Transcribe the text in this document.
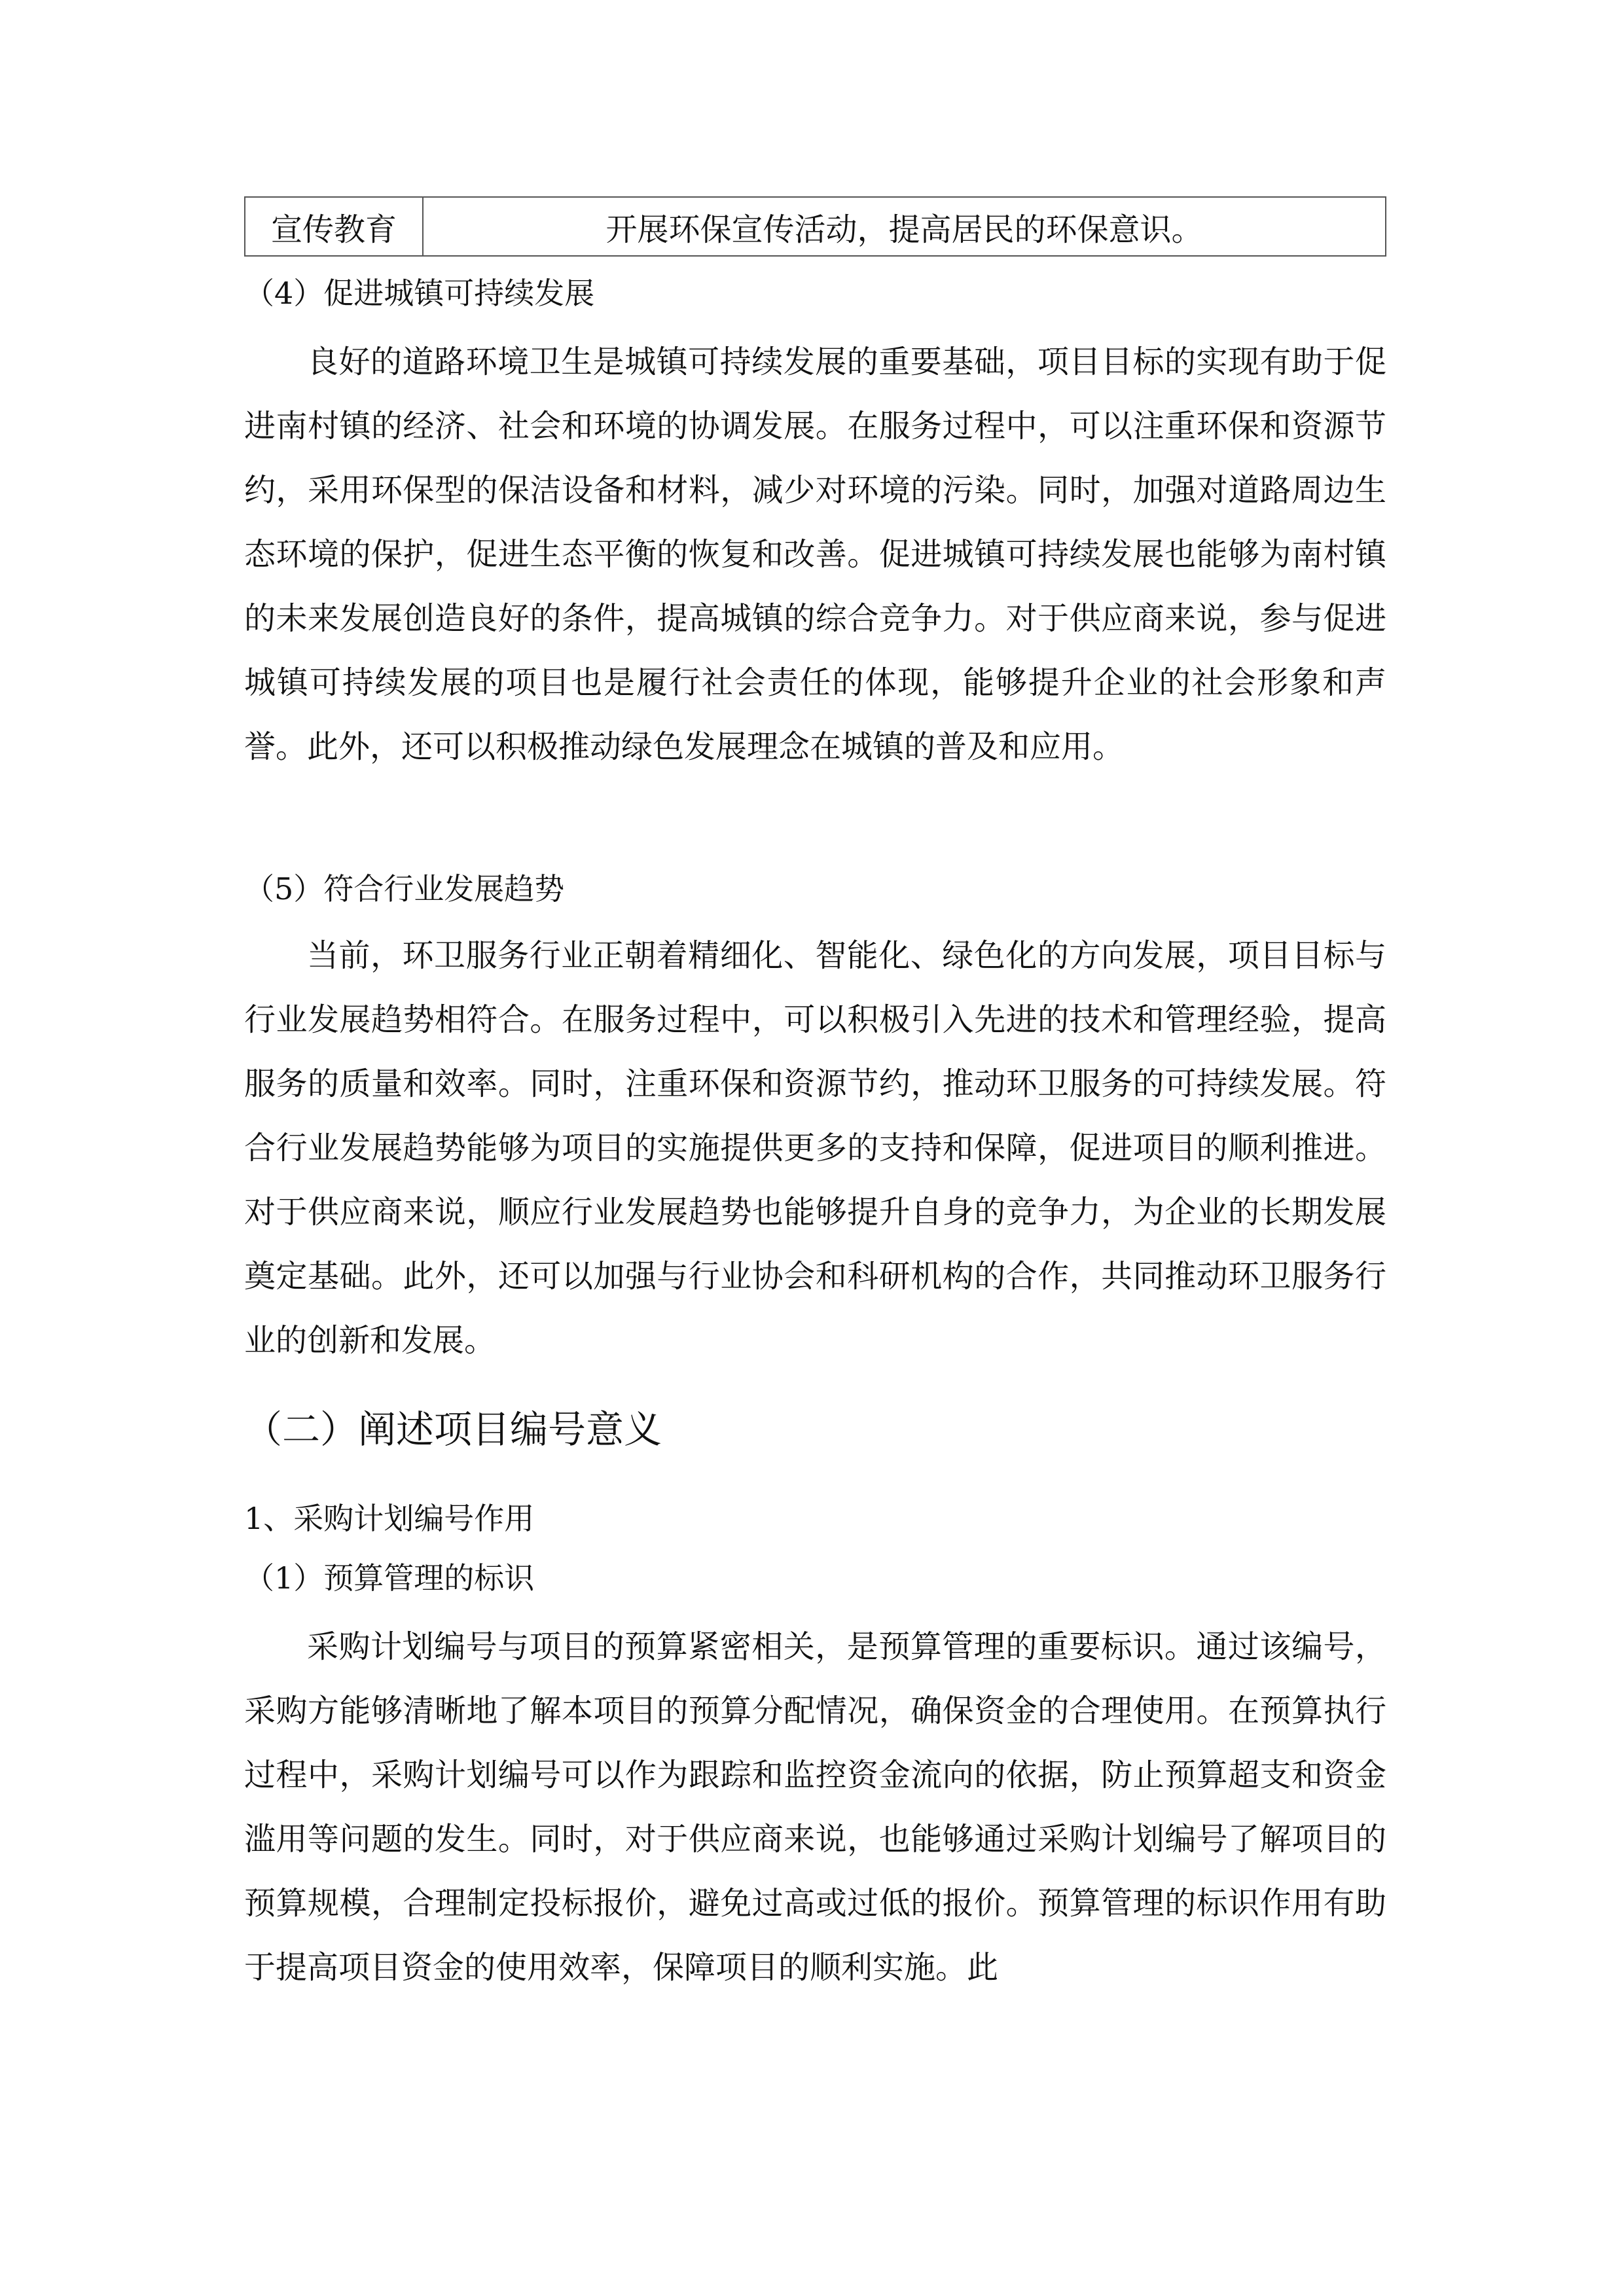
宣传教育	开展环保宣传活动，提高居民的环保意识。
（4）促进城镇可持续发展

良好的道路环境卫生是城镇可持续发展的重要基础，项目目标的实现有助于促进南村镇的经济、社会和环境的协调发展。在服务过程中，可以注重环保和资源节约，采用环保型的保洁设备和材料，减少对环境的污染。同时，加强对道路周边生态环境的保护，促进生态平衡的恢复和改善。促进城镇可持续发展也能够为南村镇的未来发展创造良好的条件，提高城镇的综合竞争力。对于供应商来说，参与促进城镇可持续发展的项目也是履行社会责任的体现，能够提升企业的社会形象和声誉。此外，还可以积极推动绿色发展理念在城镇的普及和应用。

（5）符合行业发展趋势

当前，环卫服务行业正朝着精细化、智能化、绿色化的方向发展，项目目标与行业发展趋势相符合。在服务过程中，可以积极引入先进的技术和管理经验，提高服务的质量和效率。同时，注重环保和资源节约，推动环卫服务的可持续发展。符合行业发展趋势能够为项目的实施提供更多的支持和保障，促进项目的顺利推进。对于供应商来说，顺应行业发展趋势也能够提升自身的竞争力，为企业的长期发展奠定基础。此外，还可以加强与行业协会和科研机构的合作，共同推动环卫服务行业的创新和发展。

（二）阐述项目编号意义
1、采购计划编号作用
（1）预算管理的标识

采购计划编号与项目的预算紧密相关，是预算管理的重要标识。通过该编号，采购方能够清晰地了解本项目的预算分配情况，确保资金的合理使用。在预算执行过程中，采购计划编号可以作为跟踪和监控资金流向的依据，防止预算超支和资金滥用等问题的发生。同时，对于供应商来说，也能够通过采购计划编号了解项目的预算规模，合理制定投标报价，避免过高或过低的报价。预算管理的标识作用有助于提高项目资金的使用效率，保障项目的顺利实施。此
